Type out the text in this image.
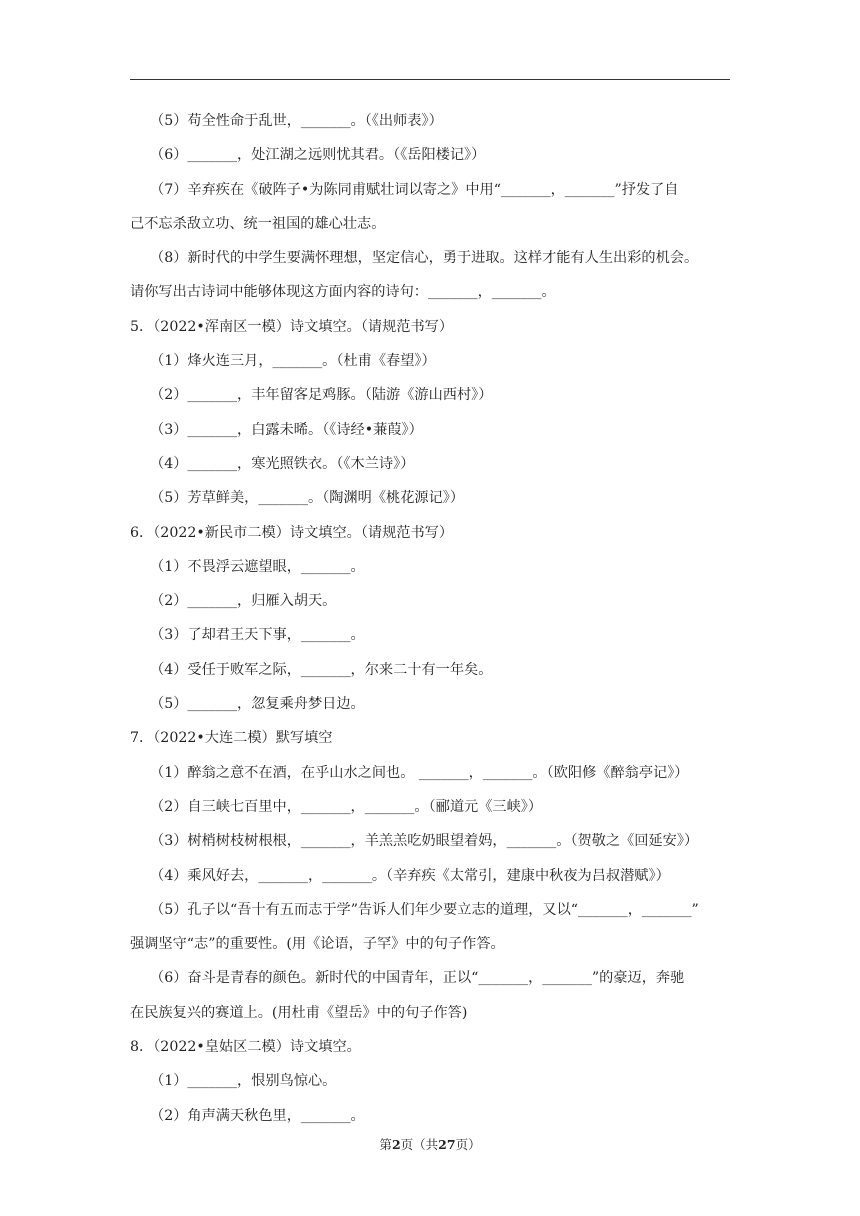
（5）苟全性命于乱世，_______。（《出师表》）
（6）_______，处江湖之远则忧其君。（《岳阳楼记》）
（7）辛弃疾在《破阵子•为陈同甫赋壮词以寄之》中用“_______，_______”抒发了自
己不忘杀敌立功、统一祖国的雄心壮志。
（8）新时代的中学生要满怀理想，坚定信心，勇于进取。这样才能有人生出彩的机会。
请你写出古诗词中能够体现这方面内容的诗句：_______，_______。
5．（2022•浑南区一模）诗文填空。（请规范书写）
（1）烽火连三月，_______。（杜甫《春望》）
（2）_______，丰年留客足鸡豚。（陆游《游山西村》）
（3）_______，白露未晞。（《诗经•蒹葭》）
（4）_______，寒光照铁衣。（《木兰诗》）
（5）芳草鲜美，_______。（陶渊明《桃花源记》）
6．（2022•新民市二模）诗文填空。（请规范书写）
（1）不畏浮云遮望眼，_______。
（2）_______，归雁入胡天。
（3）了却君王天下事，_______。
（4）受任于败军之际，_______，尔来二十有一年矣。
（5）_______，忽复乘舟梦日边。
7．（2022•大连二模）默写填空
（1）醉翁之意不在酒，在乎山水之间也。 _______，_______。（欧阳修《醉翁亭记》）
（2）自三峡七百里中，_______，_______。（郦道元《三峡》）
（3）树梢树枝树根根，_______，羊羔羔吃奶眼望着妈，_______。（贺敬之《回延安》）
（4）乘风好去，_______，_______。（辛弃疾《太常引，建康中秋夜为吕叔潜赋》）
（5）孔子以“吾十有五而志于学”告诉人们年少要立志的道理，又以“_______，_______”
强调坚守“志”的重要性。(用《论语，子罕》中的句子作答。
（6）奋斗是青春的颜色。新时代的中国青年，正以“_______，_______”的豪迈，奔驰
在民族复兴的赛道上。(用杜甫《望岳》中的句子作答)
8．（2022•皇姑区二模）诗文填空。
（1）_______，恨别鸟惊心。
（2）角声满天秋色里，_______。
第2页（共27页）
